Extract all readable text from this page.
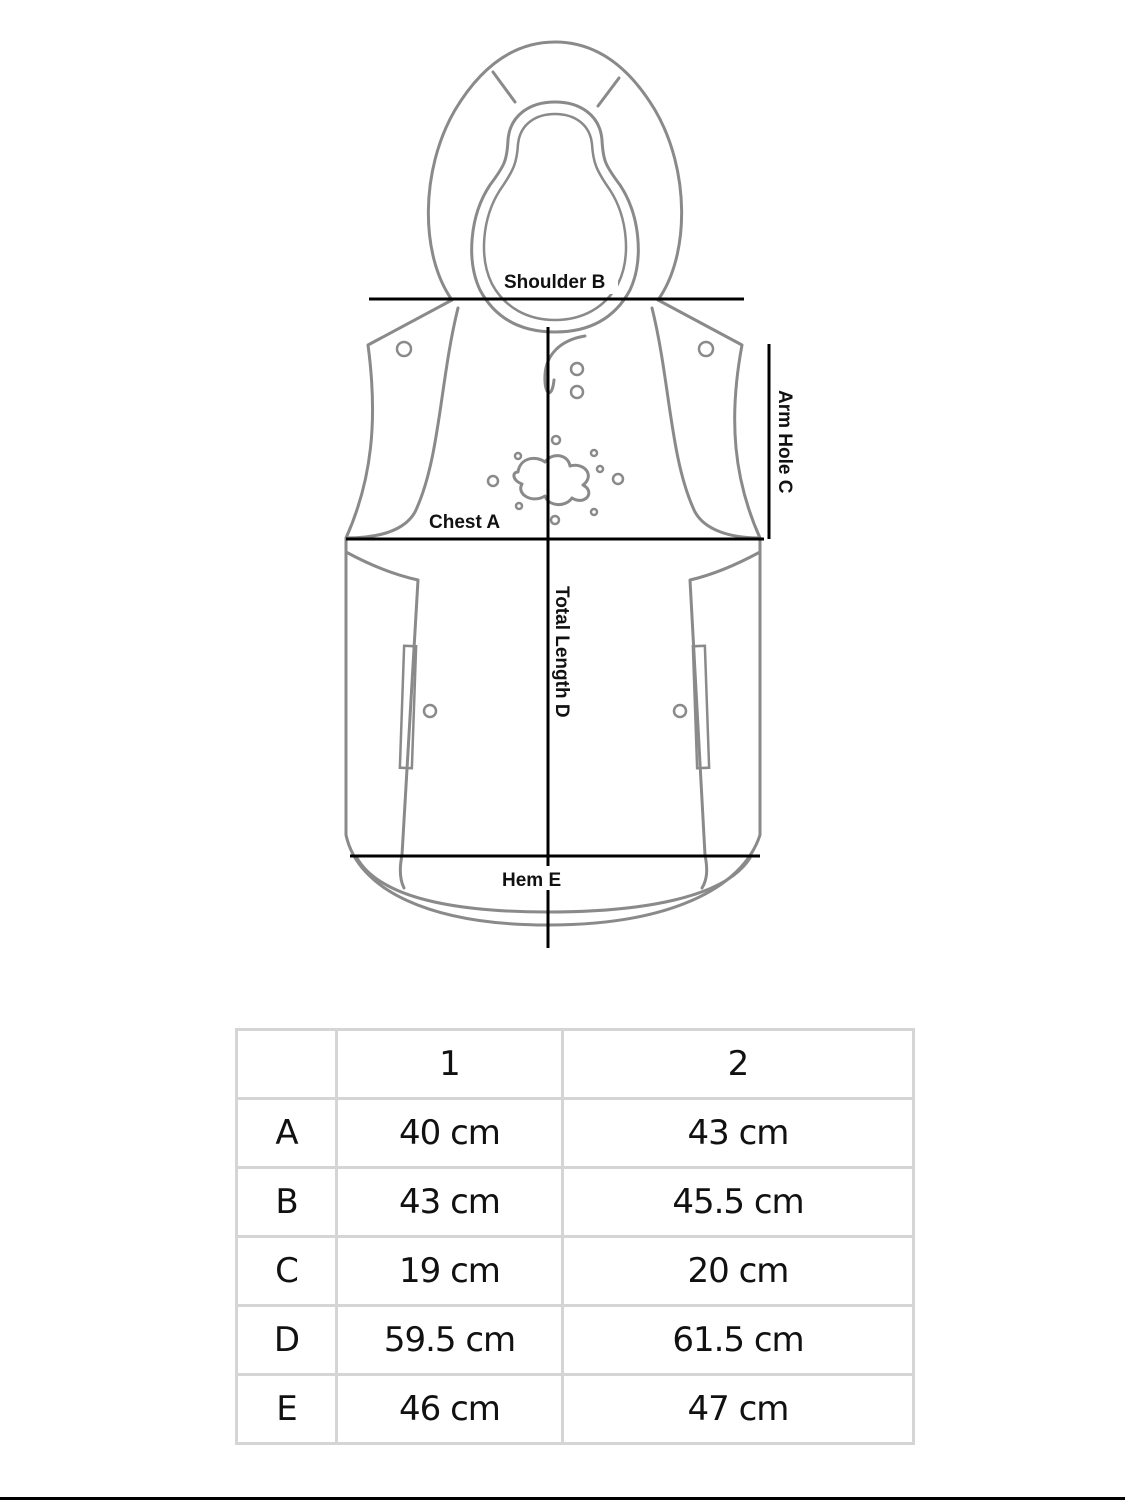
Shoulder B
Chest A
Hem E
Total Length D
Arm Hole C
	1	2
A	40 cm	43 cm
B	43 cm	45.5 cm
C	19 cm	20 cm
D	59.5 cm	61.5 cm
E	46 cm	47 cm
